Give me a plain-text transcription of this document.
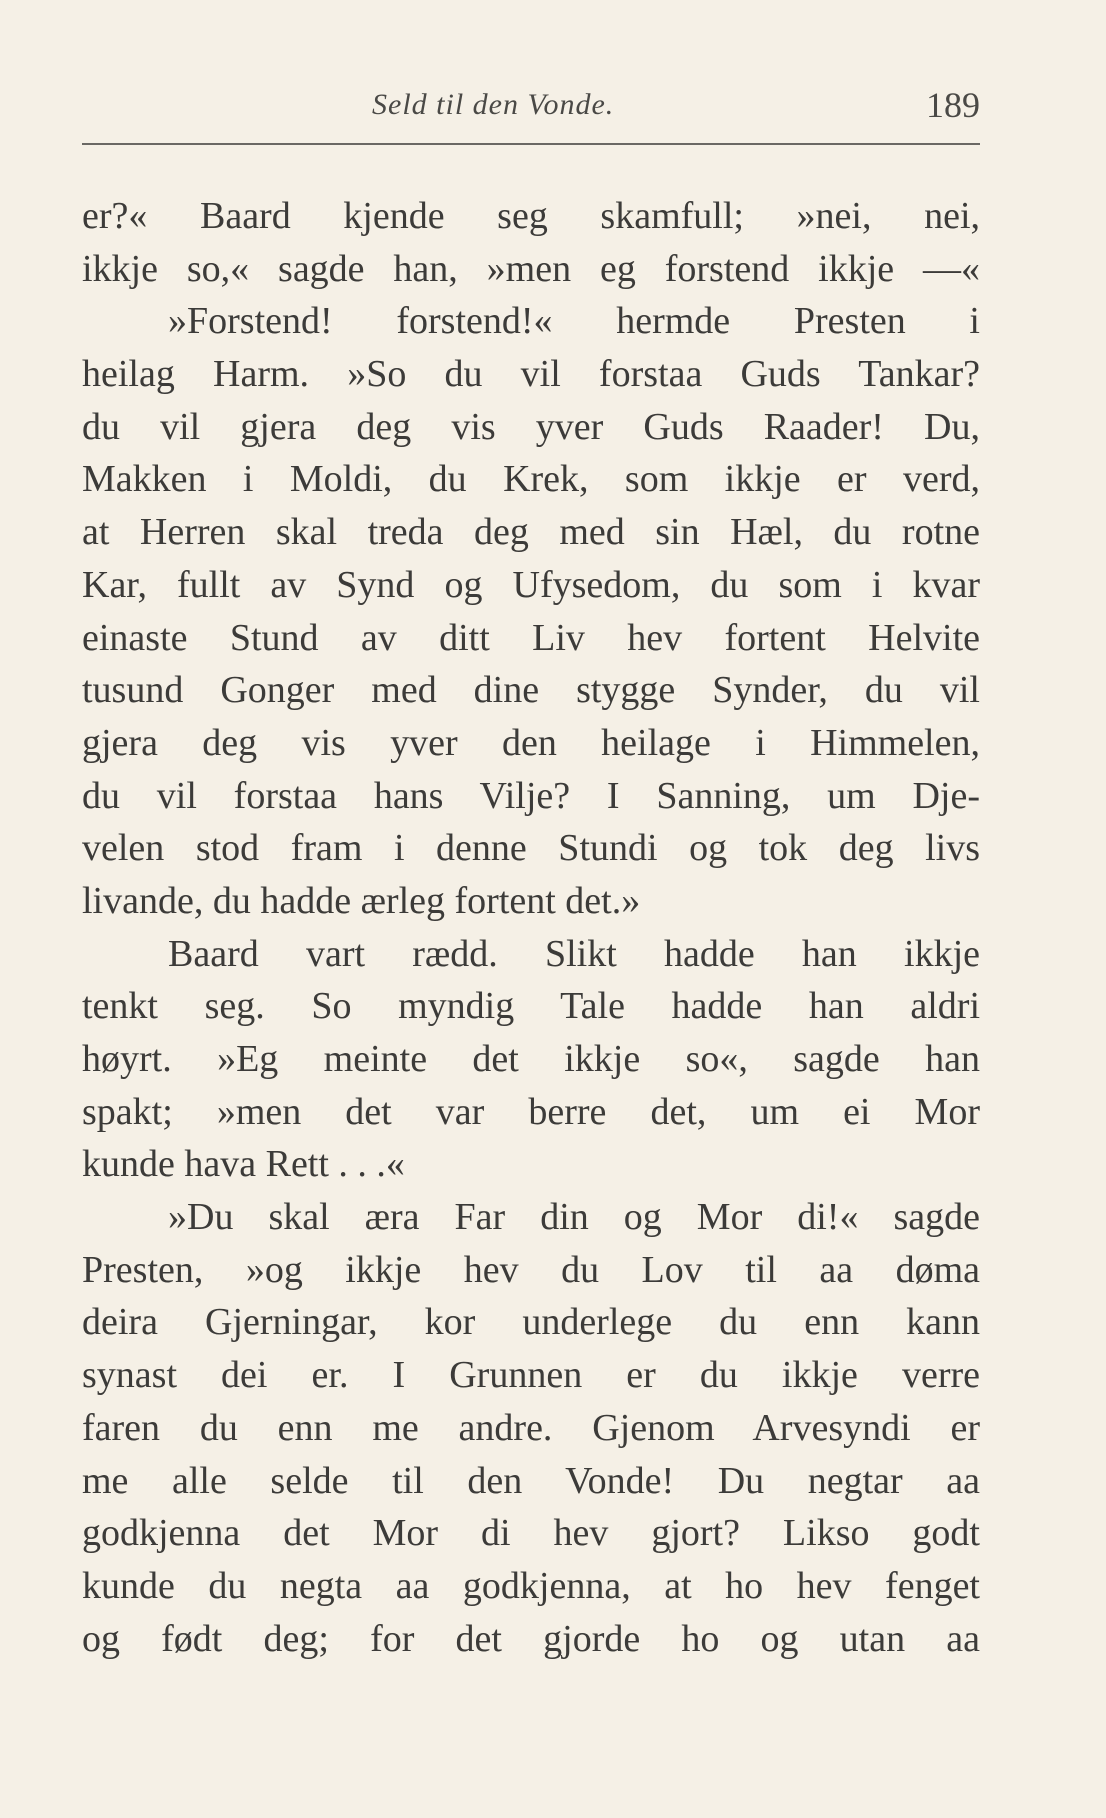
Seld til den Vonde.	189
er?« Baard kjende seg skamfull; »nei, nei,
ikkje so,« sagde han, »men eg forstend ikkje —«
»Forstend! forstend!« hermde Presten i
heilag Harm. »So du vil forstaa Guds Tankar?
du vil gjera deg vis yver Guds Raader! Du,
Makken i Moldi, du Krek, som ikkje er verd,
at Herren skal treda deg med sin Hæl, du rotne
Kar, fullt av Synd og Ufysedom, du som i kvar
einaste Stund av ditt Liv hev fortent Helvite
tusund Gonger med dine stygge Synder, du vil
gjera deg vis yver den heilage i Himmelen,
du vil forstaa hans Vilje? I Sanning, um Dje-
velen stod fram i denne Stundi og tok deg livs
livande, du hadde ærleg fortent det.»
Baard vart rædd. Slikt hadde han ikkje
tenkt seg. So myndig Tale hadde han aldri
høyrt. »Eg meinte det ikkje so«, sagde han
spakt; »men det var berre det, um ei Mor
kunde hava Rett . . .«
»Du skal æra Far din og Mor di!« sagde
Presten, »og ikkje hev du Lov til aa døma
deira Gjerningar, kor underlege du enn kann
synast dei er. I Grunnen er du ikkje verre
faren du enn me andre. Gjenom Arvesyndi er
me alle selde til den Vonde! Du negtar aa
godkjenna det Mor di hev gjort? Likso godt
kunde du negta aa godkjenna, at ho hev fenget
og født deg; for det gjorde ho og utan aa
